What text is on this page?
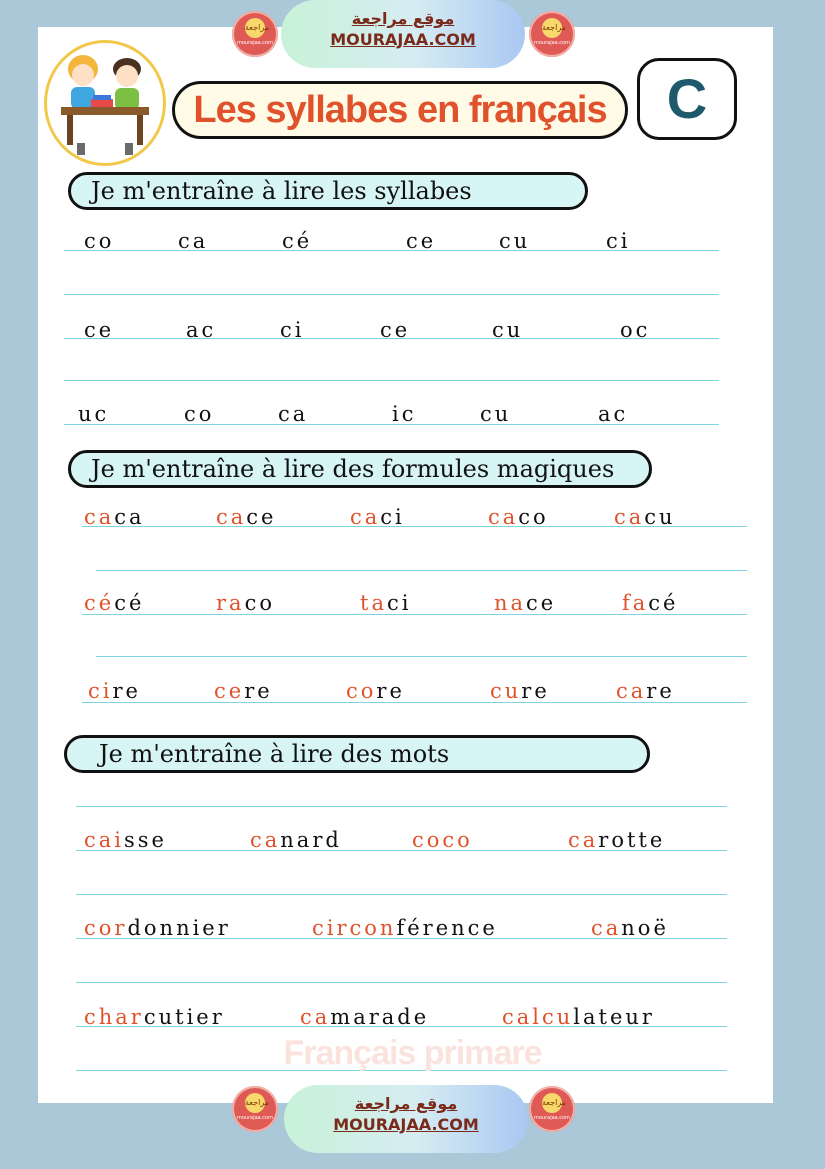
مراجعة
mourajaa.com
موقع مراجعة
MOURAJAA.COM
مراجعة
mourajaa.com
Les syllabes en français	C
Je m'entraîne à lire les syllabes
co	ca	cé	ce	cu	ci
ce	ac	ci	ce	cu	oc
uc	co	ca	ic	cu	ac
Je m'entraîne à lire des formules magiques
caca	cace	caci	caco	cacu
cécé	raco	taci	nace	facé
cire	cere	core	cure	care
Je m'entraîne à lire des mots
caisse	canard	coco	carotte
cordonnier	circonférence	canoë
charcutier	camarade	calculateur
Français primare
مراجعة
mourajaa.com
موقع مراجعة
MOURAJAA.COM
مراجعة
mourajaa.com
